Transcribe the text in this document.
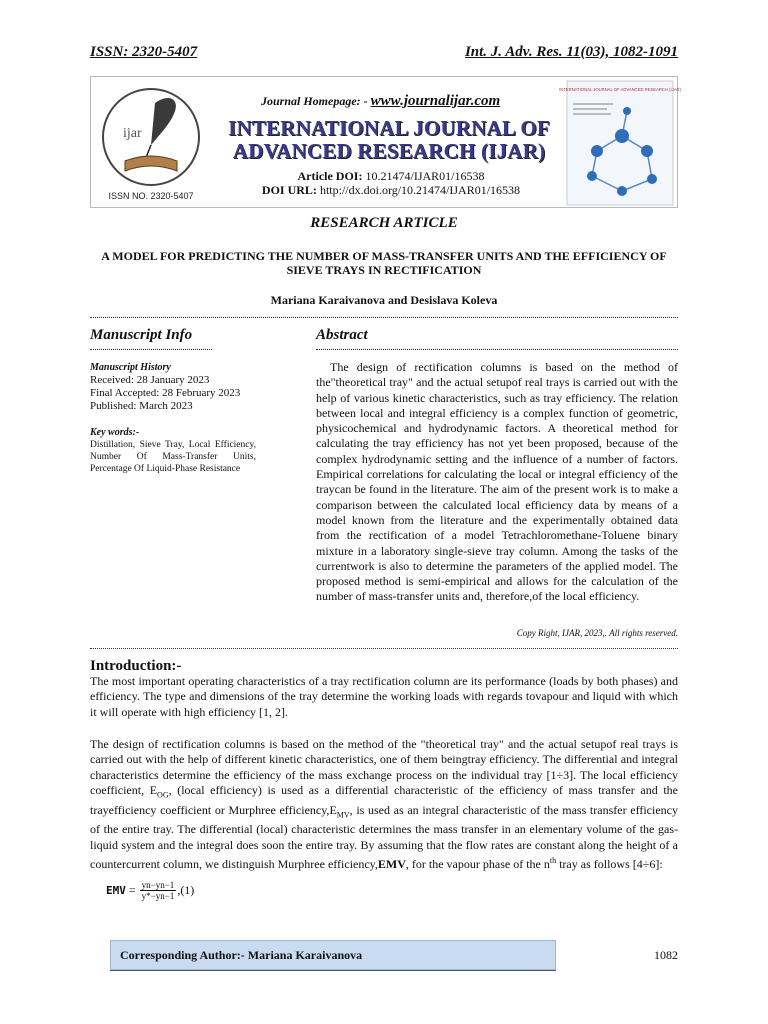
ISSN: 2320-5407	Int. J. Adv. Res. 11(03), 1082-1091
ijar
ISSN NO. 2320-5407
Journal Homepage: - www.journalijar.com
INTERNATIONAL JOURNAL OF
ADVANCED RESEARCH (IJAR)
Article DOI: 10.21474/IJAR01/16538
DOI URL: http://dx.doi.org/10.21474/IJAR01/16538
INTERNATIONAL JOURNAL OF ADVANCED RESEARCH (IJAR)
RESEARCH ARTICLE
A MODEL FOR PREDICTING THE NUMBER OF MASS-TRANSFER UNITS AND THE EFFICIENCY OF SIEVE TRAYS IN RECTIFICATION
Mariana Karaivanova and Desislava Koleva
Manuscript Info
Manuscript History
Received: 28 January 2023
Final Accepted: 28 February 2023
Published: March 2023
Key words:-
Distillation, Sieve Tray, Local Efficiency, Number Of Mass-Transfer Units, Percentage Of Liquid-Phase Resistance
Abstract
The design of rectification columns is based on the method of the"theoretical tray" and the actual setupof real trays is carried out with the help of various kinetic characteristics, such as tray efficiency. The relation between local and integral efficiency is a complex function of geometric, physicochemical and hydrodynamic factors. A theoretical method for calculating the tray efficiency has not yet been proposed, because of the complex hydrodynamic setting and the influence of a number of factors. Empirical correlations for calculating the local or integral efficiency of the traycan be found in the literature. The aim of the present work is to make a comparison between the calculated local efficiency data by means of a model known from the literature and the experimentally obtained data from the rectification of a model Tetrachloromethane-Toluene binary mixture in a laboratory single-sieve tray column. Among the tasks of the currentwork is also to determine the parameters of the applied model. The proposed method is semi-empirical and allows for the calculation of the number of mass-transfer units and, therefore,of the local efficiency.
Copy Right, IJAR, 2023,. All rights reserved.
Introduction:-
The most important operating characteristics of a tray rectification column are its performance (loads by both phases) and efficiency. The type and dimensions of the tray determine the working loads with regards tovapour and liquid with which it will operate with high efficiency [1, 2].
The design of rectification columns is based on the method of the "theoretical tray" and the actual setupof real trays is carried out with the help of different kinetic characteristics, one of them beingtray efficiency. The differential and integral characteristics determine the efficiency of the mass exchange process on the individual tray [1÷3]. The local efficiency coefficient, $E_{OG}$, (local efficiency) is used as a differential characteristic of the efficiency of mass transfer and the trayefficiency coefficient or Murphree $efficiency,E_{MV}$, is used as an integral characteristic of the mass transfer efficiency of the entire tray. The differential (local) characteristic determines the mass transfer in an elementary volume of the gas-liquid system and the integral does soon the entire tray. By assuming that the flow rates are constant along the height of a countercurrent column, we distinguish Murphree efficiency,EMV, for the vapour phase of the $n^{th}$ tray as follows [4÷6]:
EMV = $\frac{yn-yn-1}{y*-yn-1} ,(1)$
Corresponding Author:- Mariana Karaivanova	1082
